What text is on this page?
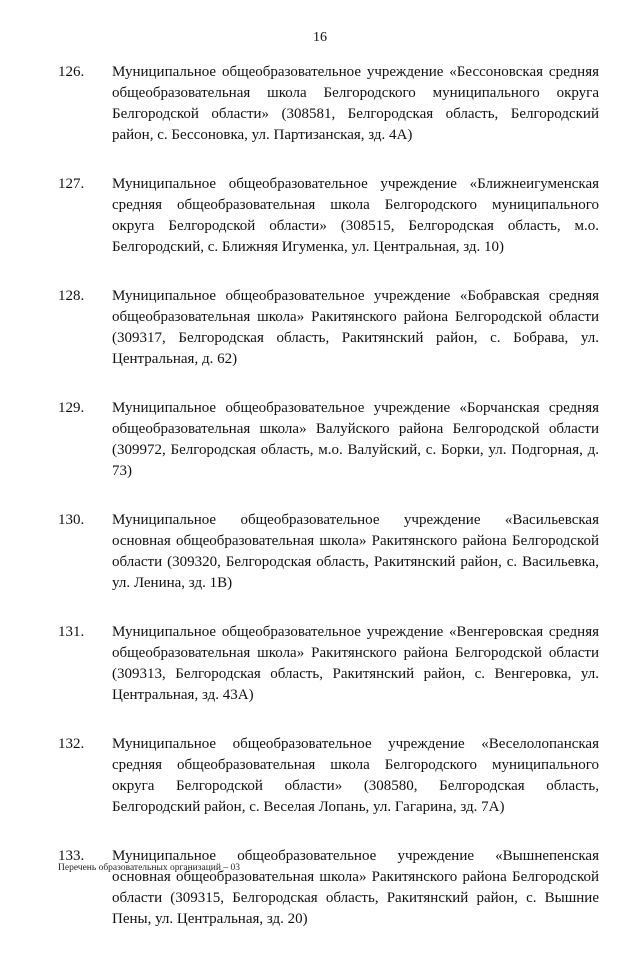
16
126. Муниципальное общеобразовательное учреждение «Бессоновская средняя общеобразовательная школа Белгородского муниципального округа Белгородской области» (308581, Белгородская область, Белгородский район, с. Бессоновка, ул. Партизанская, зд. 4А)
127. Муниципальное общеобразовательное учреждение «Ближнеигуменская средняя общеобразовательная школа Белгородского муниципального округа Белгородской области» (308515, Белгородская область, м.о. Белгородский, с. Ближняя Игуменка, ул. Центральная, зд. 10)
128. Муниципальное общеобразовательное учреждение «Бобравская средняя общеобразовательная школа» Ракитянского района Белгородской области (309317, Белгородская область, Ракитянский район, с. Бобрава, ул. Центральная, д. 62)
129. Муниципальное общеобразовательное учреждение «Борчанская средняя общеобразовательная школа» Валуйского района Белгородской области (309972, Белгородская область, м.о. Валуйский, с. Борки, ул. Подгорная, д. 73)
130. Муниципальное общеобразовательное учреждение «Васильевская основная общеобразовательная школа» Ракитянского района Белгородской области (309320, Белгородская область, Ракитянский район, с. Васильевка, ул. Ленина, зд. 1В)
131. Муниципальное общеобразовательное учреждение «Венгеровская средняя общеобразовательная школа» Ракитянского района Белгородской области (309313, Белгородская область, Ракитянский район, с. Венгеровка, ул. Центральная, зд. 43А)
132. Муниципальное общеобразовательное учреждение «Веселолопанская средняя общеобразовательная школа Белгородского муниципального округа Белгородской области» (308580, Белгородская область, Белгородский район, с. Веселая Лопань, ул. Гагарина, зд. 7А)
133. Муниципальное общеобразовательное учреждение «Вышнепенская основная общеобразовательная школа» Ракитянского района Белгородской области (309315, Белгородская область, Ракитянский район, с. Вышние Пены, ул. Центральная, зд. 20)
Перечень образовательных организаций – 03
